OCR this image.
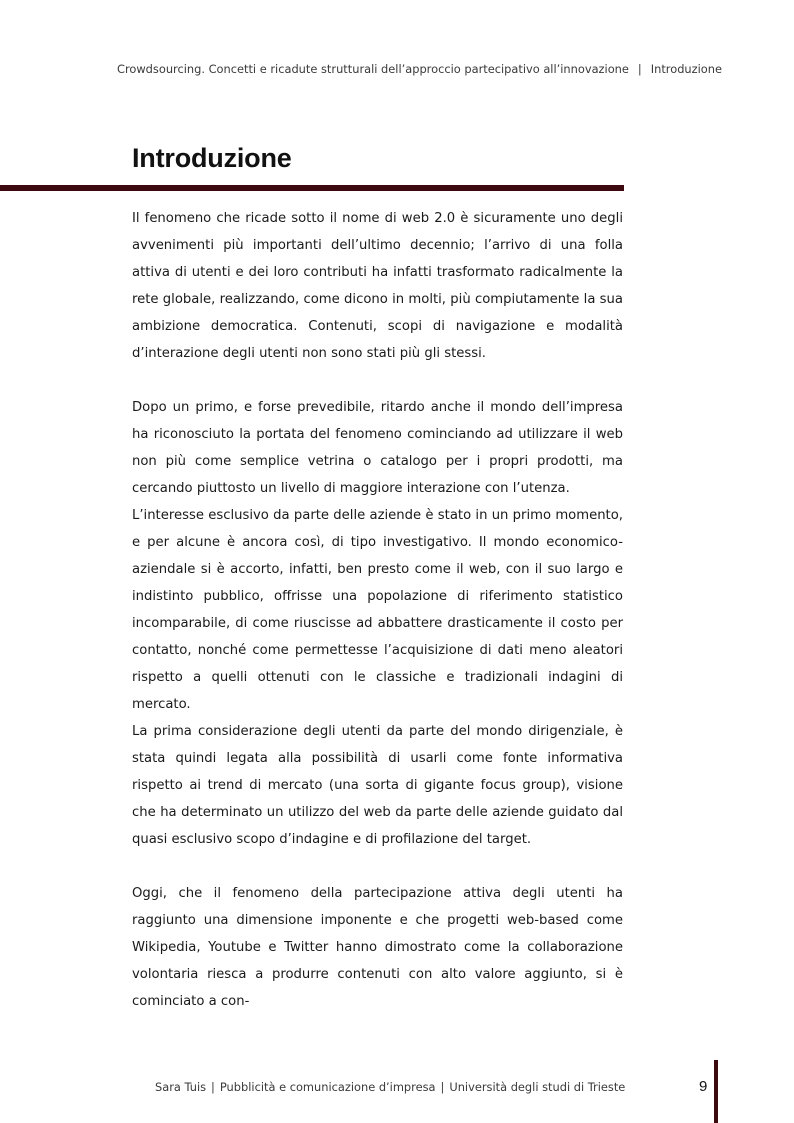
Crowdsourcing. Concetti e ricadute strutturali dell’approccio partecipativo all’innovazione | Introduzione
Introduzione

Il fenomeno che ricade sotto il nome di web 2.0 è sicuramente uno degli avvenimenti più importanti dell’ultimo decennio; l’arrivo di una folla attiva di utenti e dei loro contributi ha infatti trasformato radicalmente la rete globale, realizzando, come dicono in molti, più compiutamente la sua ambizione democratica. Contenuti, scopi di navigazione e modalità d’interazione degli utenti non sono stati più gli stessi.

Dopo un primo, e forse prevedibile, ritardo anche il mondo dell’impresa ha riconosciuto la portata del fenomeno cominciando ad utilizzare il web non più come semplice vetrina o catalogo per i propri prodotti, ma cercando piuttosto un livello di maggiore interazione con l’utenza.

L’interesse esclusivo da parte delle aziende è stato in un primo momento, e per alcune è ancora così, di tipo investigativo. Il mondo economico-aziendale si è accorto, infatti, ben presto come il web, con il suo largo e indistinto pubblico, offrisse una popolazione di riferimento statistico incomparabile, di come riuscisse ad abbattere drasticamente il costo per contatto, nonché come permettesse l’acquisizione di dati meno aleatori rispetto a quelli ottenuti con le classiche e tradizionali indagini di mercato.

La prima considerazione degli utenti da parte del mondo dirigenziale, è stata quindi legata alla possibilità di usarli come fonte informativa rispetto ai trend di mercato (una sorta di gigante focus group), visione che ha determinato un utilizzo del web da parte delle aziende guidato dal quasi esclusivo scopo d’indagine e di profilazione del target.

Oggi, che il fenomeno della partecipazione attiva degli utenti ha raggiunto una dimensione imponente e che progetti web-based come Wikipedia, Youtube e Twitter hanno dimostrato come la collaborazione volontaria riesca a produrre contenuti con alto valore aggiunto, si è cominciato a con-

Sara Tuis | Pubblicità e comunicazione d’impresa | Università degli studi di Trieste	9
